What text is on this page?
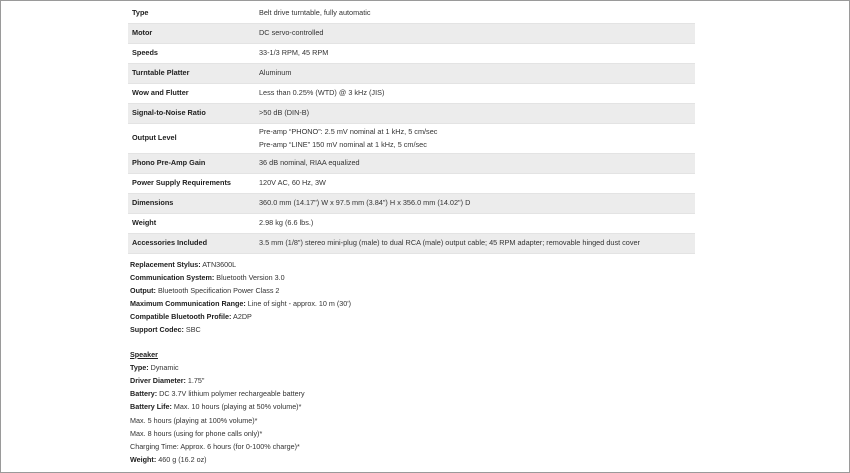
Type	Belt drive turntable, fully automatic
Motor	DC servo-controlled
Speeds	33-1/3 RPM, 45 RPM
Turntable Platter	Aluminum
Wow and Flutter	Less than 0.25% (WTD) @ 3 kHz (JIS)
Signal-to-Noise Ratio	>50 dB (DIN-B)
Output Level	Pre-amp “PHONO”: 2.5 mV nominal at 1 kHz, 5 cm/sec
Pre-amp “LINE” 150 mV nominal at 1 kHz, 5 cm/sec

Phono Pre-Amp Gain	36 dB nominal, RIAA equalized
Power Supply Requirements	120V AC, 60 Hz, 3W
Dimensions	360.0 mm (14.17") W x 97.5 mm (3.84") H x 356.0 mm (14.02") D
Weight	2.98 kg (6.6 lbs.)
Accessories Included	3.5 mm (1/8") stereo mini-plug (male) to dual RCA (male) output cable; 45 RPM adapter; removable hinged dust cover
Replacement Stylus: ATN3600L
Communication System: Bluetooth Version 3.0
Output: Bluetooth Specification Power Class 2
Maximum Communication Range: Line of sight - approx. 10 m (30')
Compatible Bluetooth Profile: A2DP
Support Codec: SBC
Speaker
Type: Dynamic
Driver Diameter: 1.75"
Battery: DC 3.7V lithium polymer rechargeable battery
Battery Life: Max. 10 hours (playing at 50% volume)*
Max. 5 hours (playing at 100% volume)*
Max. 8 hours (using for phone calls only)*
Charging Time: Approx. 6 hours (for 0-100% charge)*
Weight: 460 g (16.2 oz)
